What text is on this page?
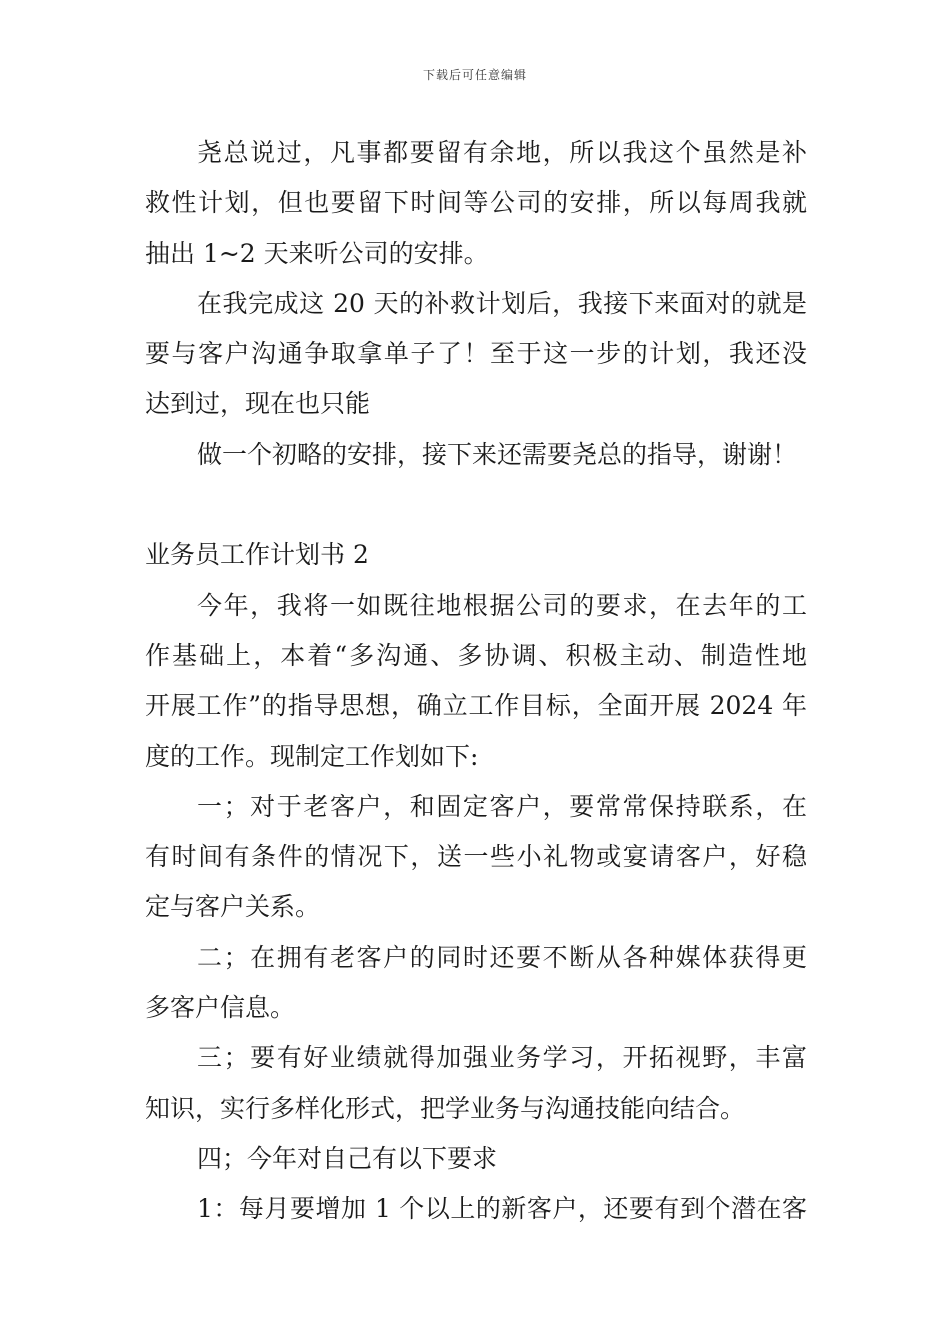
下载后可任意编辑
尧总说过，凡事都要留有余地，所以我这个虽然是补
救性计划，但也要留下时间等公司的安排，所以每周我就
抽出 1~2 天来听公司的安排。
在我完成这 20 天的补救计划后，我接下来面对的就是
要与客户沟通争取拿单子了！至于这一步的计划，我还没
达到过，现在也只能
做一个初略的安排，接下来还需要尧总的指导，谢谢！
业务员工作计划书 2
今年，我将一如既往地根据公司的要求，在去年的工
作基础上，本着“多沟通、多协调、积极主动、制造性地
开展工作”的指导思想，确立工作目标，全面开展 2024 年
度的工作。现制定工作划如下:
一；对于老客户，和固定客户，要常常保持联系，在
有时间有条件的情况下，送一些小礼物或宴请客户，好稳
定与客户关系。
二；在拥有老客户的同时还要不断从各种媒体获得更
多客户信息。
三；要有好业绩就得加强业务学习，开拓视野，丰富
知识，实行多样化形式，把学业务与沟通技能向结合。
四；今年对自己有以下要求
1：每月要增加 1 个以上的新客户，还要有到个潜在客
